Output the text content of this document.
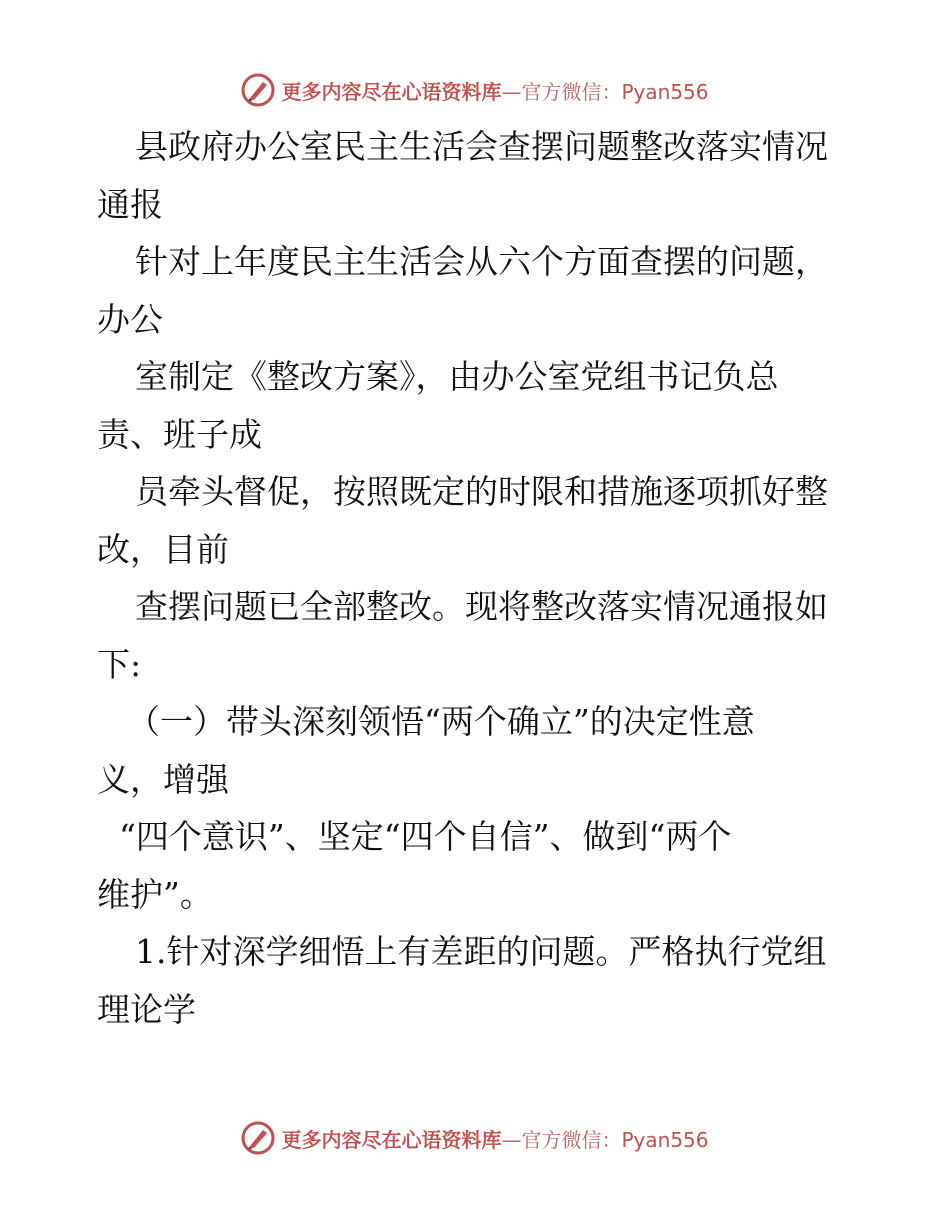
更多内容尽在心语资料库—官方微信：Pyan556
县政府办公室民主生活会查摆问题整改落实情况
通报
针对上年度民主生活会从六个方面查摆的问题，
办公
室制定《整改方案》，由办公室党组书记负总
责、班子成
员牵头督促，按照既定的时限和措施逐项抓好整
改，目前
查摆问题已全部整改。现将整改落实情况通报如
下:
（一）带头深刻领悟“两个确立”的决定性意
义，增强
“四个意识”、坚定“四个自信”、做到“两个
维护”。
1.针对深学细悟上有差距的问题。严格执行党组
理论学
更多内容尽在心语资料库—官方微信：Pyan556
